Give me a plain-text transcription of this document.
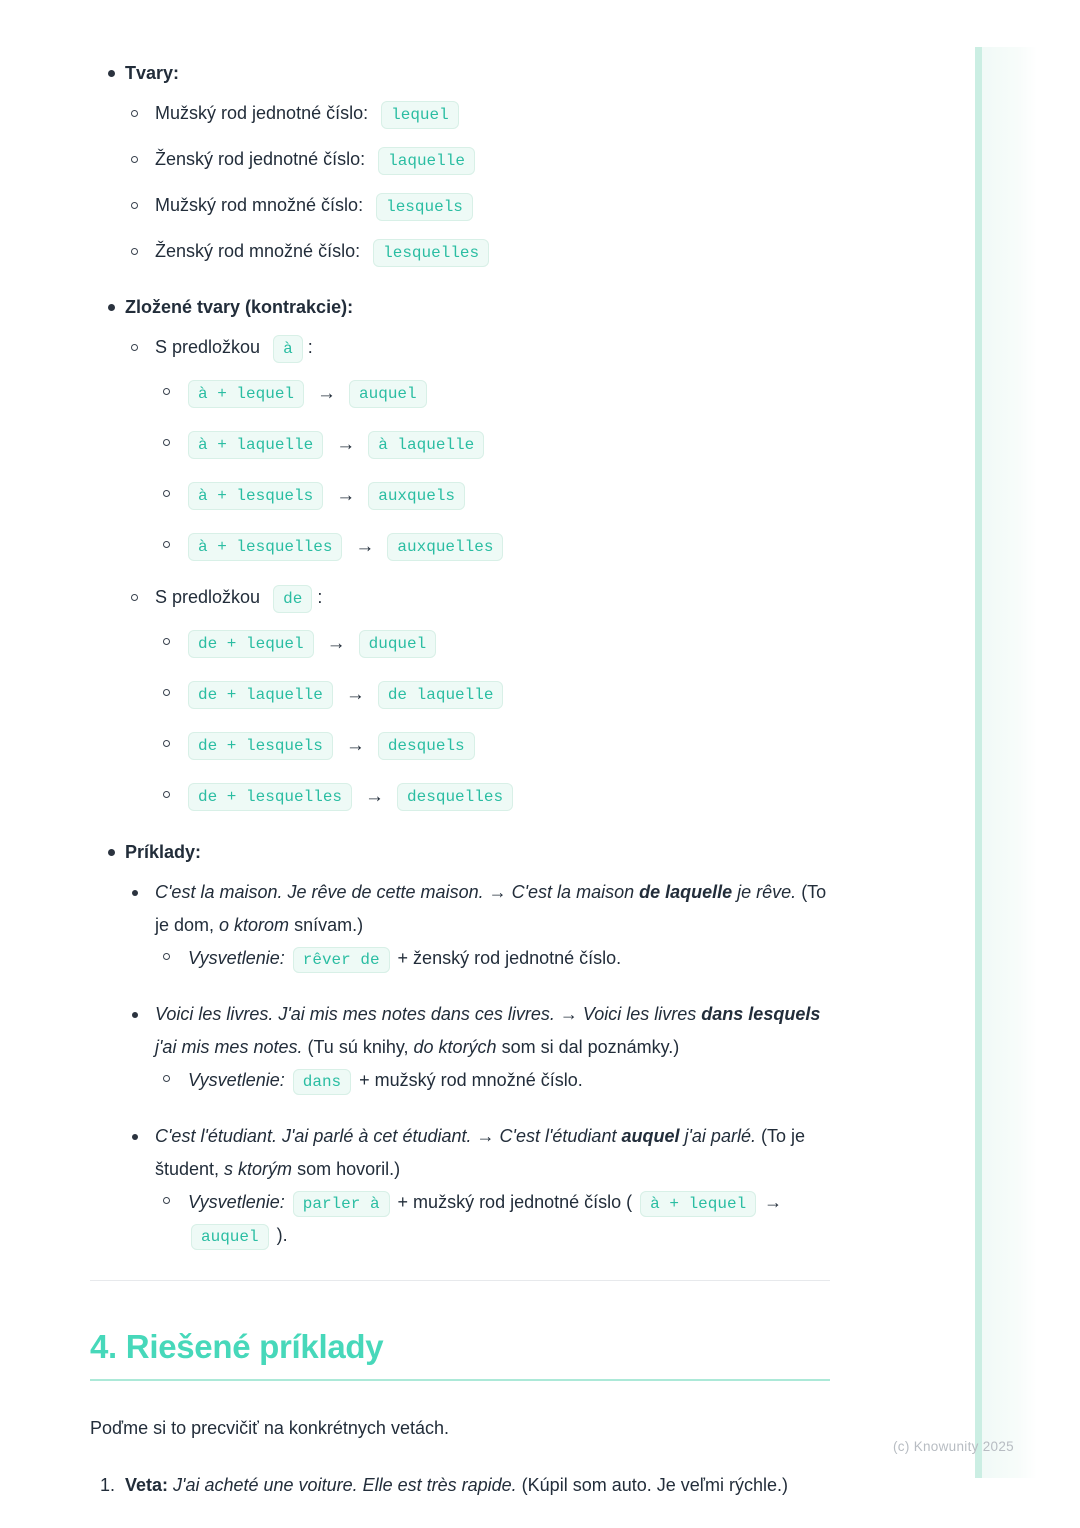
Tvary:
Mužský rod jednotné číslo: lequel
Ženský rod jednotné číslo: laquelle
Mužský rod množné číslo: lesquels
Ženský rod množné číslo: lesquelles
Zložené tvary (kontrakcie):
S predložkou à :
à + lequel	→	auquel
à + laquelle	→	à laquelle
à + lesquels	→	auxquels
à + lesquelles	→	auxquelles
S predložkou de :
de + lequel	→	duquel
de + laquelle	→	de laquelle
de + lesquels	→	desquels
de + lesquelles	→	desquelles
Príklady:
C'est la maison. Je rêve de cette maison. → C'est la maison de laquelle je rêve. (To je dom, o ktorom snívam.)
Vysvetlenie: rêver de + ženský rod jednotné číslo.
Voici les livres. J'ai mis mes notes dans ces livres. → Voici les livres dans lesquels j'ai mis mes notes. (Tu sú knihy, do ktorých som si dal poznámky.)
Vysvetlenie: dans + mužský rod množné číslo.
C'est l'étudiant. J'ai parlé à cet étudiant. → C'est l'étudiant auquel j'ai parlé. (To je študent, s ktorým som hovoril.)
Vysvetlenie: parler à + mužský rod jednotné číslo ( à + lequel → auquel ).
4. Riešené príklady

Poďme si to precvičiť na konkrétnych vetách.

1. Veta: J'ai acheté une voiture. Elle est très rapide. (Kúpil som auto. Je veľmi rýchle.)
(c) Knowunity 2025
